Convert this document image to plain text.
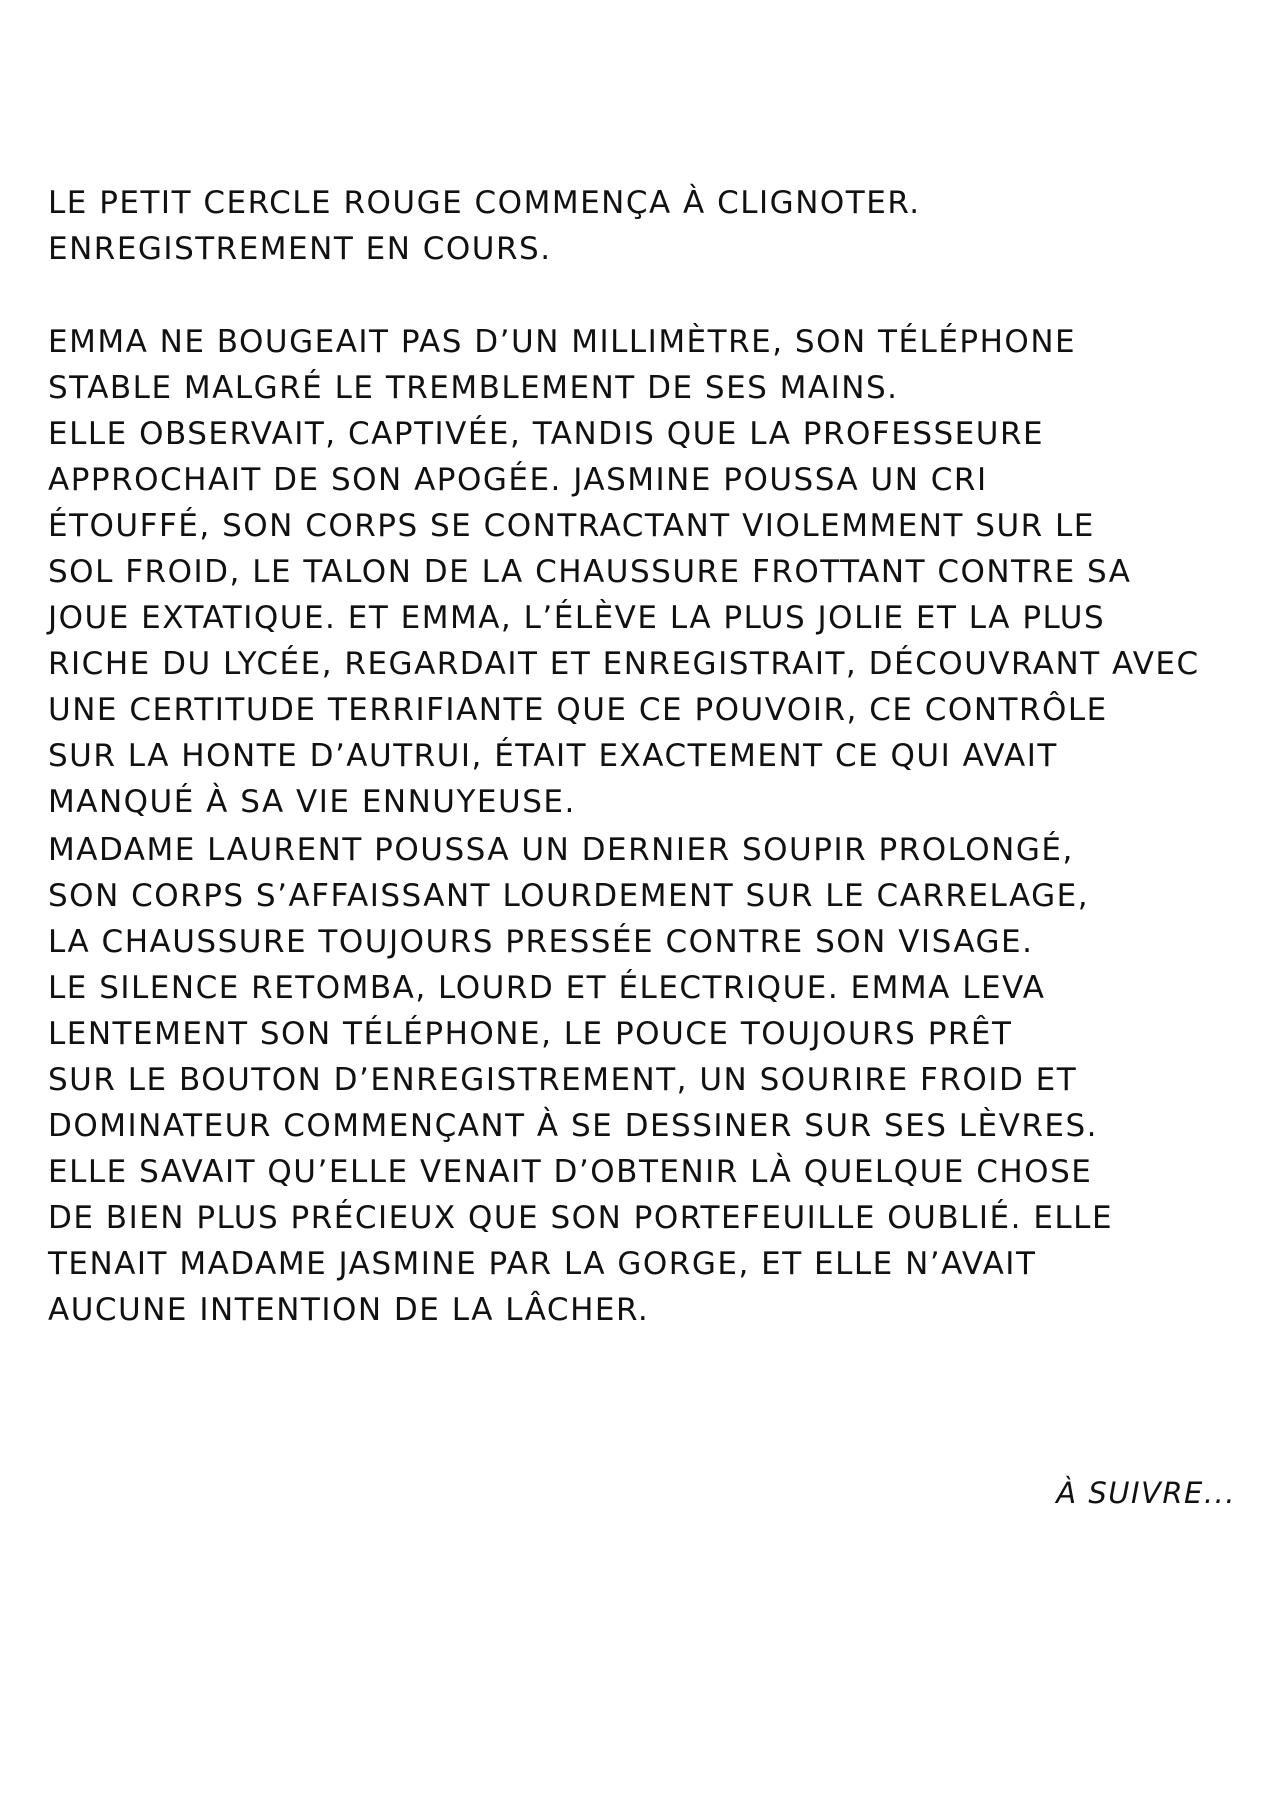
LE PETIT CERCLE ROUGE COMMENÇA À CLIGNOTER.
ENREGISTREMENT EN COURS.
EMMA NE BOUGEAIT PAS D’UN MILLIMÈTRE, SON TÉLÉPHONE
STABLE MALGRÉ LE TREMBLEMENT DE SES MAINS.
ELLE OBSERVAIT, CAPTIVÉE, TANDIS QUE LA PROFESSEURE
APPROCHAIT DE SON APOGÉE. JASMINE POUSSA UN CRI
ÉTOUFFÉ, SON CORPS SE CONTRACTANT VIOLEMMENT SUR LE
SOL FROID, LE TALON DE LA CHAUSSURE FROTTANT CONTRE SA
JOUE EXTATIQUE. ET EMMA, L’ÉLÈVE LA PLUS JOLIE ET LA PLUS
RICHE DU LYCÉE, REGARDAIT ET ENREGISTRAIT, DÉCOUVRANT AVEC
UNE CERTITUDE TERRIFIANTE QUE CE POUVOIR, CE CONTRÔLE
SUR LA HONTE D’AUTRUI, ÉTAIT EXACTEMENT CE QUI AVAIT
MANQUÉ À SA VIE ENNUYEUSE.
MADAME LAURENT POUSSA UN DERNIER SOUPIR PROLONGÉ,
SON CORPS S’AFFAISSANT LOURDEMENT SUR LE CARRELAGE,
LA CHAUSSURE TOUJOURS PRESSÉE CONTRE SON VISAGE.
LE SILENCE RETOMBA, LOURD ET ÉLECTRIQUE. EMMA LEVA
LENTEMENT SON TÉLÉPHONE, LE POUCE TOUJOURS PRÊT
SUR LE BOUTON D’ENREGISTREMENT, UN SOURIRE FROID ET
DOMINATEUR COMMENÇANT À SE DESSINER SUR SES LÈVRES.
ELLE SAVAIT QU’ELLE VENAIT D’OBTENIR LÀ QUELQUE CHOSE
DE BIEN PLUS PRÉCIEUX QUE SON PORTEFEUILLE OUBLIÉ. ELLE
TENAIT MADAME JASMINE PAR LA GORGE, ET ELLE N’AVAIT
AUCUNE INTENTION DE LA LÂCHER.
À SUIVRE...
